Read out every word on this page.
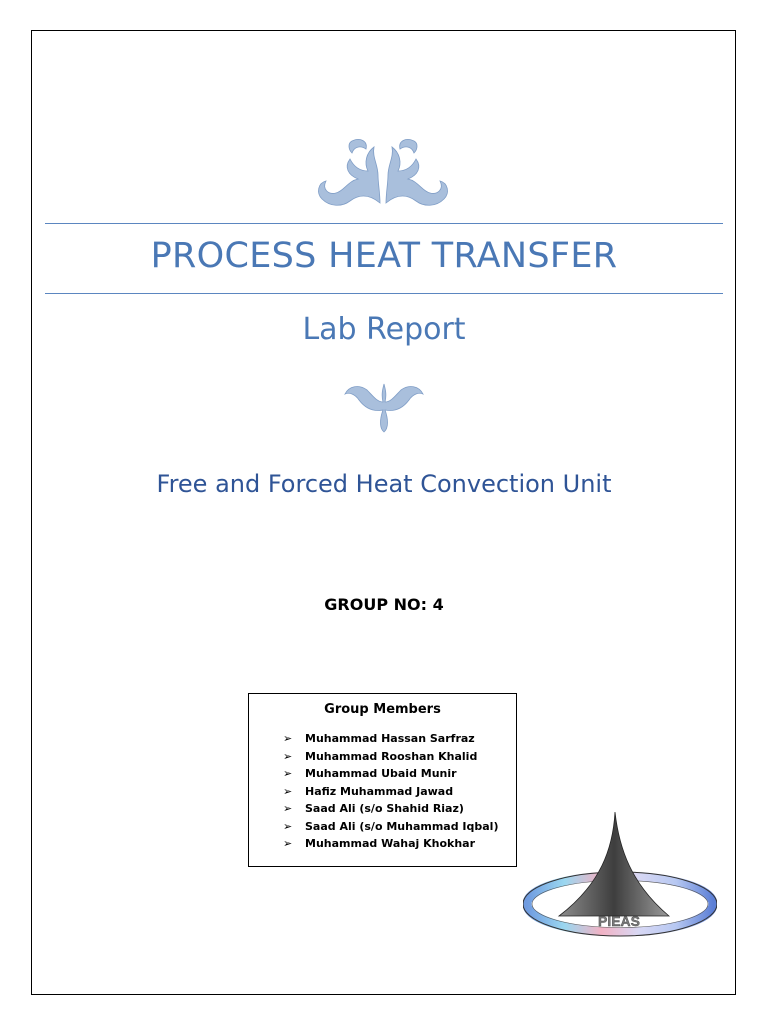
PROCESS HEAT TRANSFER
Lab Report
Free and Forced Heat Convection Unit

GROUP NO: 4

Group Members

➢ Muhammad Hassan Sarfraz
➢ Muhammad Rooshan Khalid
➢ Muhammad Ubaid Munir
➢ Hafiz Muhammad Jawad
➢ Saad Ali (s/o Shahid Riaz)
➢ Saad Ali (s/o Muhammad Iqbal)
➢ Muhammad Wahaj Khokhar
PIEAS
